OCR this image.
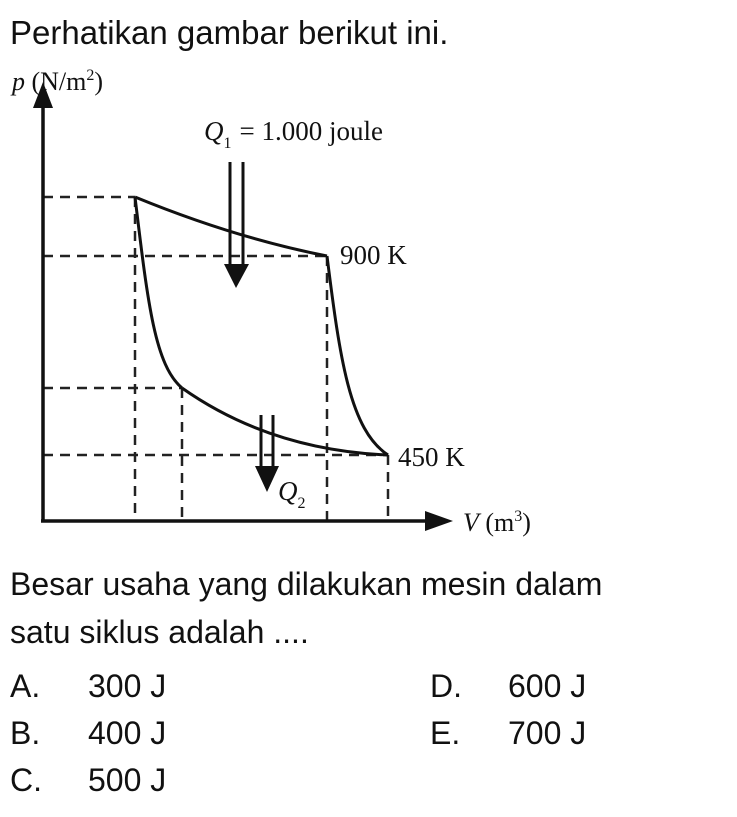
Perhatikan gambar berikut ini.
p $(N/m^2)$
$Q_1 = 1.000$ joule
900 K
450 K
$Q_2$
V $(m^3)$
Besar usaha yang dilakukan mesin dalam
satu siklus adalah ....
A. 300 J
B. 400 J
C. 500 J
D. 600 J
E. 700 J
